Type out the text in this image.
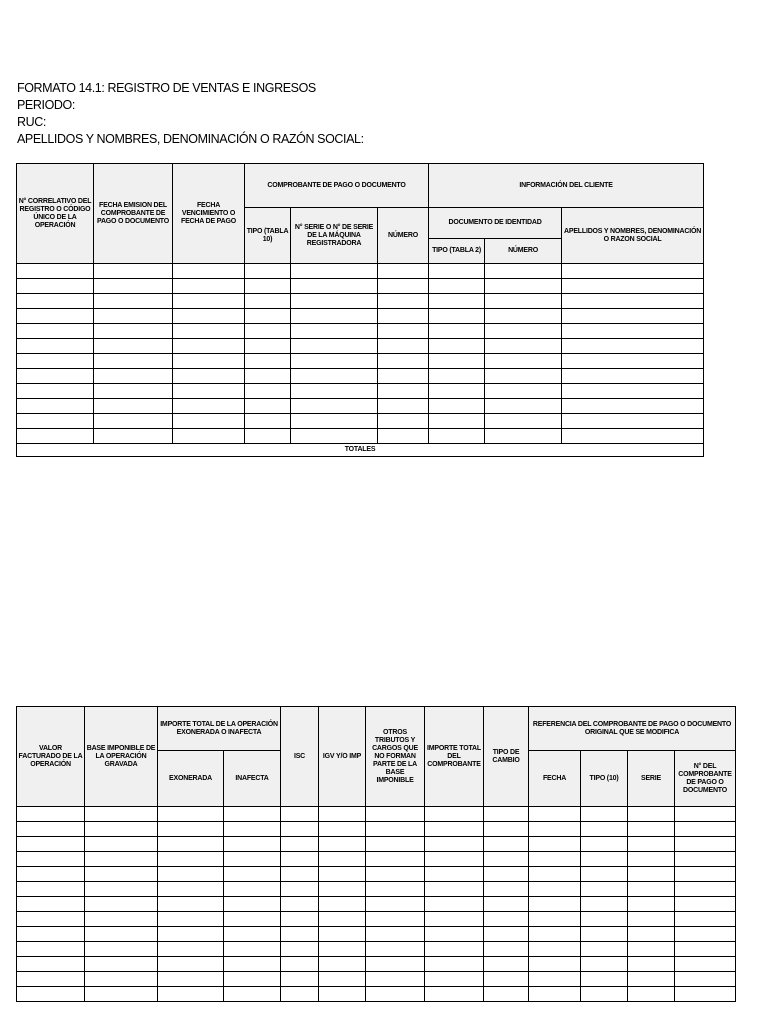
FORMATO 14.1: REGISTRO DE VENTAS E INGRESOS
PERIODO:
RUC:
APELLIDOS Y NOMBRES, DENOMINACIÓN O RAZÓN SOCIAL:
N° CORRELATIVO DEL REGISTRO O CÓDIGO ÚNICO DE LA OPERACIÓN	FECHA EMISION DEL COMPROBANTE DE PAGO O DOCUMENTO	FECHA VENCIMIENTO O FECHA DE PAGO	COMPROBANTE DE PAGO O DOCUMENTO			INFORMACIÓN DEL CLIENTE		
			TIPO (TABLA 10)	N° SERIE O N° DE SERIE DE LA MÁQUINA REGISTRADORA	NÚMERO	DOCUMENTO DE IDENTIDAD		APELLIDOS Y NOMBRES, DENOMINACIÓN O RAZON SOCIAL
						TIPO (TABLA 2)	NÚMERO	

TOTALES								
VALOR FACTURADO DE LA OPERACIÓN	BASE IMPONIBLE DE LA OPERACIÓN GRAVADA	IMPORTE TOTAL DE LA OPERACIÓN EXONERADA O INAFECTA		ISC	IGV Y/O IMP	OTROS TRIBUTOS Y CARGOS QUE NO FORMAN PARTE DE LA BASE IMPONIBLE	IMPORTE TOTAL DEL COMPROBANTE	TIPO DE CAMBIO	REFERENCIA DEL COMPROBANTE DE PAGO O DOCUMENTO ORIGINAL QUE SE MODIFICA			
		EXONERADA	INAFECTA						FECHA	TIPO (10)	SERIE	N° DEL COMPROBANTE DE PAGO O DOCUMENTO
